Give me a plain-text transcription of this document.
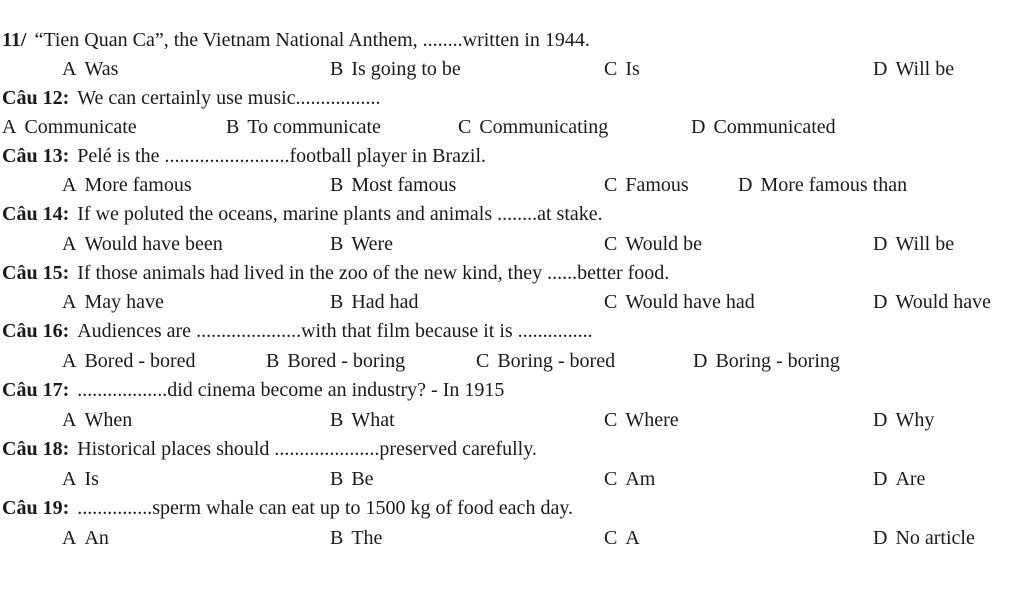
11/ “Tien Quan Ca”, the Vietnam National Anthem, ........written in 1944.
A Was	B Is going to be	C Is	D Will be
Câu 12: We can certainly use music.................
A Communicate	B To communicate	C Communicating	D Communicated
Câu 13: Pelé is the .........................football player in Brazil.
A More famous	B Most famous	C Famous D More famous than
Câu 14: If we poluted the oceans, marine plants and animals ........at stake.
A Would have been	B Were	C Would be	D Will be
Câu 15: If those animals had lived in the zoo of the new kind, they ......better food.
A May have	B Had had	C Would have had	D Would have
Câu 16: Audiences are .....................with that film because it is ...............
A Bored - bored	B Bored - boring	C Boring - bored	D Boring - boring
Câu 17: ..................did cinema become an industry? - In 1915
A When	B What	C Where	D Why
Câu 18: Historical places should .....................preserved carefully.
A Is	B Be	C Am	D Are
Câu 19: ...............sperm whale can eat up to 1500 kg of food each day.
A An	B The	C A	D No article
